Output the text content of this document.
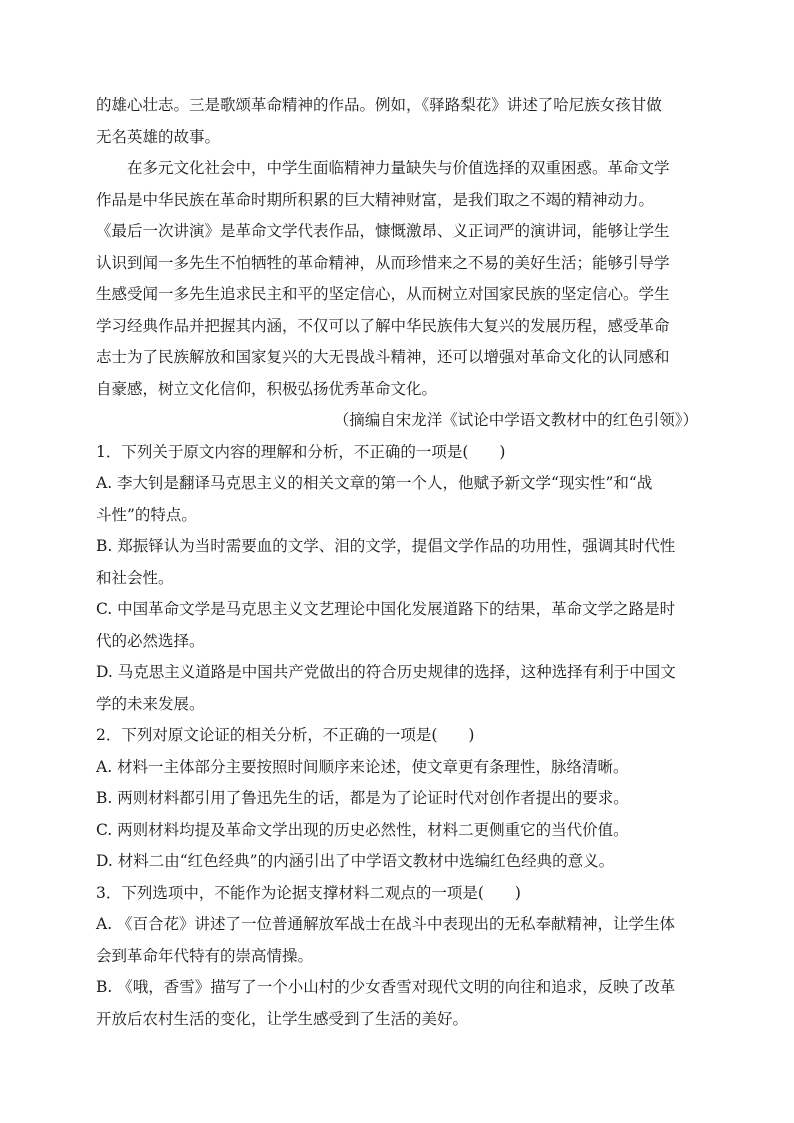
的雄心壮志。三是歌颂革命精神的作品。例如，《驿路梨花》讲述了哈尼族女孩甘做
无名英雄的故事。
在多元文化社会中，中学生面临精神力量缺失与价值选择的双重困惑。革命文学
作品是中华民族在革命时期所积累的巨大精神财富，是我们取之不竭的精神动力。
《最后一次讲演》是革命文学代表作品，慷慨激昂、义正词严的演讲词，能够让学生
认识到闻一多先生不怕牺牲的革命精神，从而珍惜来之不易的美好生活；能够引导学
生感受闻一多先生追求民主和平的坚定信心，从而树立对国家民族的坚定信心。学生
学习经典作品并把握其内涵，不仅可以了解中华民族伟大复兴的发展历程，感受革命
志士为了民族解放和国家复兴的大无畏战斗精神，还可以增强对革命文化的认同感和
自豪感，树立文化信仰，积极弘扬优秀革命文化。
（摘编自宋龙洋《试论中学语文教材中的红色引领》）
1．下列关于原文内容的理解和分析，不正确的一项是(　　)
A. 李大钊是翻译马克思主义的相关文章的第一个人，他赋予新文学“现实性”和“战
斗性”的特点。
B. 郑振铎认为当时需要血的文学、泪的文学，提倡文学作品的功用性，强调其时代性
和社会性。
C. 中国革命文学是马克思主义文艺理论中国化发展道路下的结果，革命文学之路是时
代的必然选择。
D. 马克思主义道路是中国共产党做出的符合历史规律的选择，这种选择有利于中国文
学的未来发展。
2．下列对原文论证的相关分析，不正确的一项是(　　)
A. 材料一主体部分主要按照时间顺序来论述，使文章更有条理性，脉络清晰。
B. 两则材料都引用了鲁迅先生的话，都是为了论证时代对创作者提出的要求。
C. 两则材料均提及革命文学出现的历史必然性，材料二更侧重它的当代价值。
D. 材料二由“红色经典”的内涵引出了中学语文教材中选编红色经典的意义。
3．下列选项中，不能作为论据支撑材料二观点的一项是(　　)
A. 《百合花》讲述了一位普通解放军战士在战斗中表现出的无私奉献精神，让学生体
会到革命年代特有的崇高情操。
B. 《哦，香雪》描写了一个小山村的少女香雪对现代文明的向往和追求，反映了改革
开放后农村生活的变化，让学生感受到了生活的美好。
